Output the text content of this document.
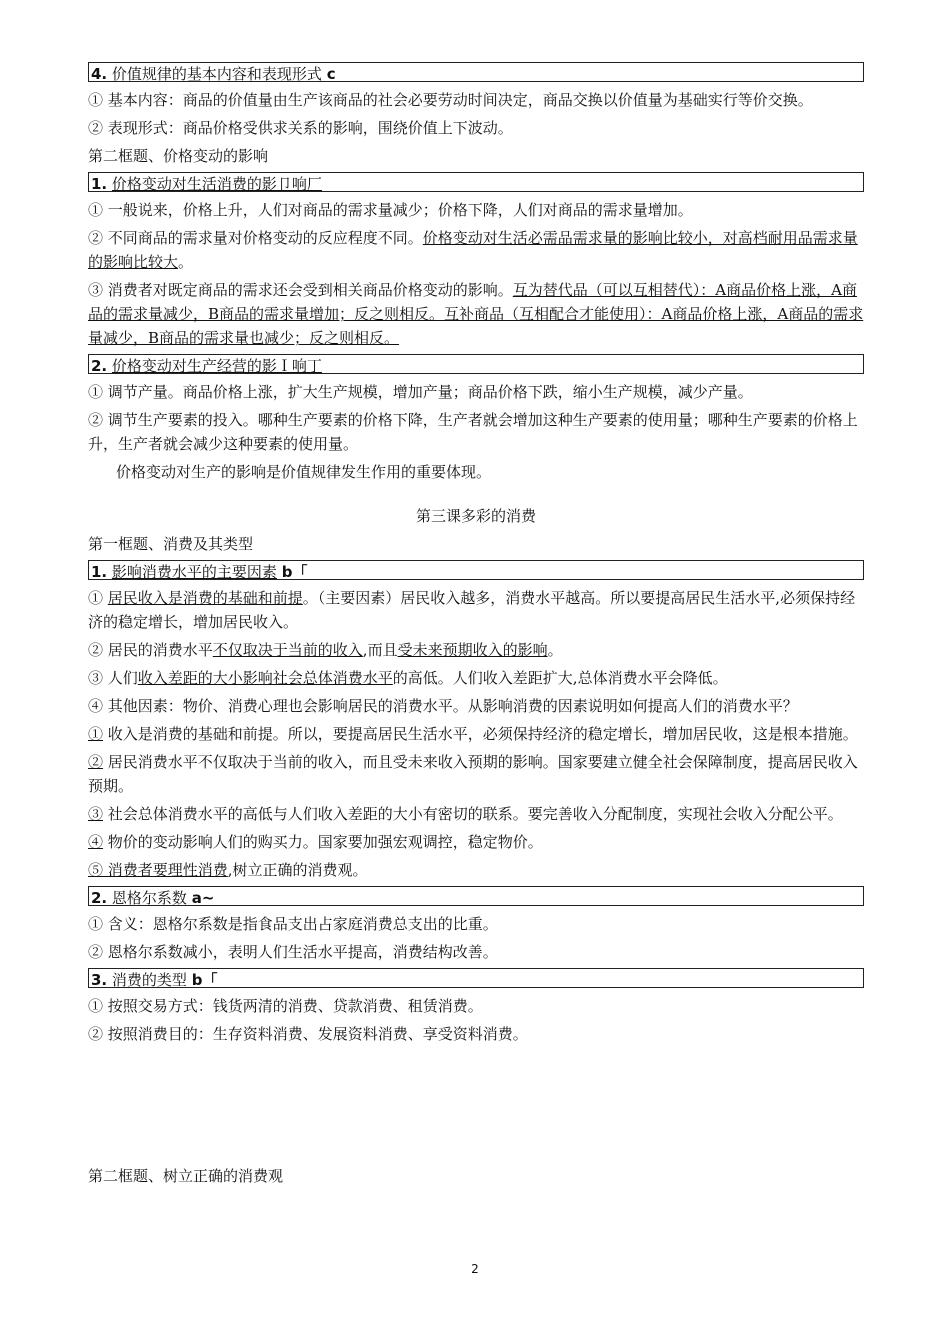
4. 价值规律的基本内容和表现形式 c

① 基本内容：商品的价值量由生产该商品的社会必要劳动时间决定，商品交换以价值量为基础实行等价交换。

② 表现形式：商品价格受供求关系的影响，围绕价值上下波动。

第二框题、价格变动的影响

1. 价格变动对生活消费的影卩响厂

① 一般说来，价格上升，人们对商品的需求量减少；价格下降，人们对商品的需求量增加。

② 不同商品的需求量对价格变动的反应程度不同。价格变动对生活必需品需求量的影响比较小，对高档耐用品需求量的影响比较大。

③ 消费者对既定商品的需求还会受到相关商品价格变动的影响。互为替代品（可以互相替代）：A商品价格上涨，A商品的需求量减少，B商品的需求量增加；反之则相反。互补商品（互相配合才能使用）：A商品价格上涨，A商品的需求量减少，B商品的需求量也减少；反之则相反。

2. 价格变动对生产经营的影Ｉ响丁

① 调节产量。商品价格上涨，扩大生产规模，增加产量；商品价格下跌，缩小生产规模，减少产量。

② 调节生产要素的投入。哪种生产要素的价格下降，生产者就会增加这种生产要素的使用量；哪种生产要素的价格上升，生产者就会减少这种要素的使用量。

价格变动对生产的影响是价值规律发生作用的重要体现。

第三课多彩的消费

第一框题、消费及其类型

1. 影响消费水平的主要因素 b「

① 居民收入是消费的基础和前提。（主要因素）居民收入越多，消费水平越高。所以要提高居民生活水平,必须保持经济的稳定增长，增加居民收入。

② 居民的消费水平不仅取决于当前的收入,而且受未来预期收入的影响。

③ 人们收入差距的大小影响社会总体消费水平的高低。人们收入差距扩大,总体消费水平会降低。

④ 其他因素：物价、消费心理也会影响居民的消费水平。从影响消费的因素说明如何提高人们的消费水平？

① 收入是消费的基础和前提。所以，要提高居民生活水平，必须保持经济的稳定增长，增加居民收，这是根本措施。

② 居民消费水平不仅取决于当前的收入，而且受未来收入预期的影响。国家要建立健全社会保障制度，提高居民收入预期。

③ 社会总体消费水平的高低与人们收入差距的大小有密切的联系。要完善收入分配制度，实现社会收入分配公平。

④ 物价的变动影响人们的购买力。国家要加强宏观调控，稳定物价。

⑤ 消费者要理性消费,树立正确的消费观。

2. 恩格尔系数 a~

① 含义：恩格尔系数是指食品支出占家庭消费总支出的比重。

② 恩格尔系数减小，表明人们生活水平提高，消费结构改善。

3. 消费的类型 b「

① 按照交易方式：钱货两清的消费、贷款消费、租赁消费。

② 按照消费目的：生存资料消费、发展资料消费、享受资料消费。

第二框题、树立正确的消费观

2
